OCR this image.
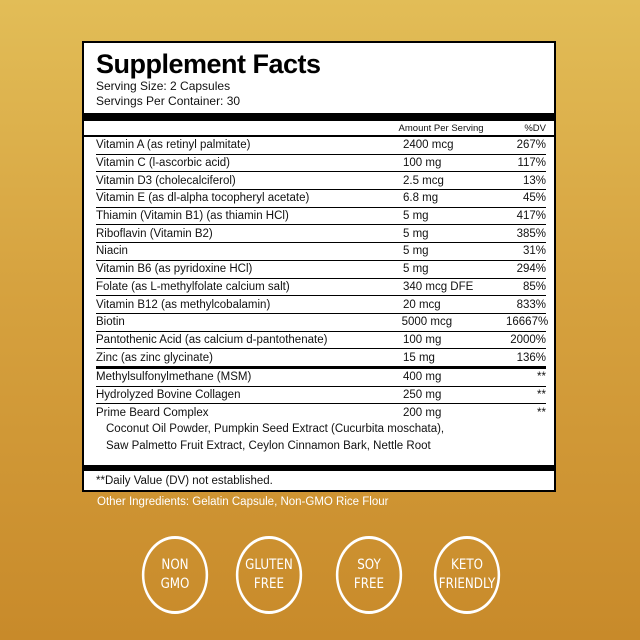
Supplement Facts
Serving Size: 2 Capsules
Servings Per Container: 30
Amount Per Serving	%DV
Vitamin A (as retinyl palmitate)	2400 mcg	267%
Vitamin C (l-ascorbic acid)	100 mg	117%
Vitamin D3 (cholecalciferol)	2.5 mcg	13%
Vitamin E (as dl-alpha tocopheryl acetate)	6.8 mg	45%
Thiamin (Vitamin B1) (as thiamin HCl)	5 mg	417%
Riboflavin (Vitamin B2)	5 mg	385%
Niacin	5 mg	31%
Vitamin B6 (as pyridoxine HCl)	5 mg	294%
Folate (as L-methylfolate calcium salt)	340 mcg DFE	85%
Vitamin B12 (as methylcobalamin)	20 mcg	833%
Biotin	5000 mcg	16667%
Pantothenic Acid (as calcium d-pantothenate)	100 mg	2000%
Zinc (as zinc glycinate)	15 mg	136%
Methylsulfonylmethane (MSM)	400 mg	**
Hydrolyzed Bovine Collagen	250 mg	**
Prime Beard Complex	200 mg	**
Coconut Oil Powder, Pumpkin Seed Extract (Cucurbita moschata),
Saw Palmetto Fruit Extract, Ceylon Cinnamon Bark, Nettle Root
**Daily Value (DV) not established.
Other Ingredients: Gelatin Capsule, Non-GMO Rice Flour
NON
GMO
GLUTEN
FREE
SOY
FREE
KETO
FRIENDLY
